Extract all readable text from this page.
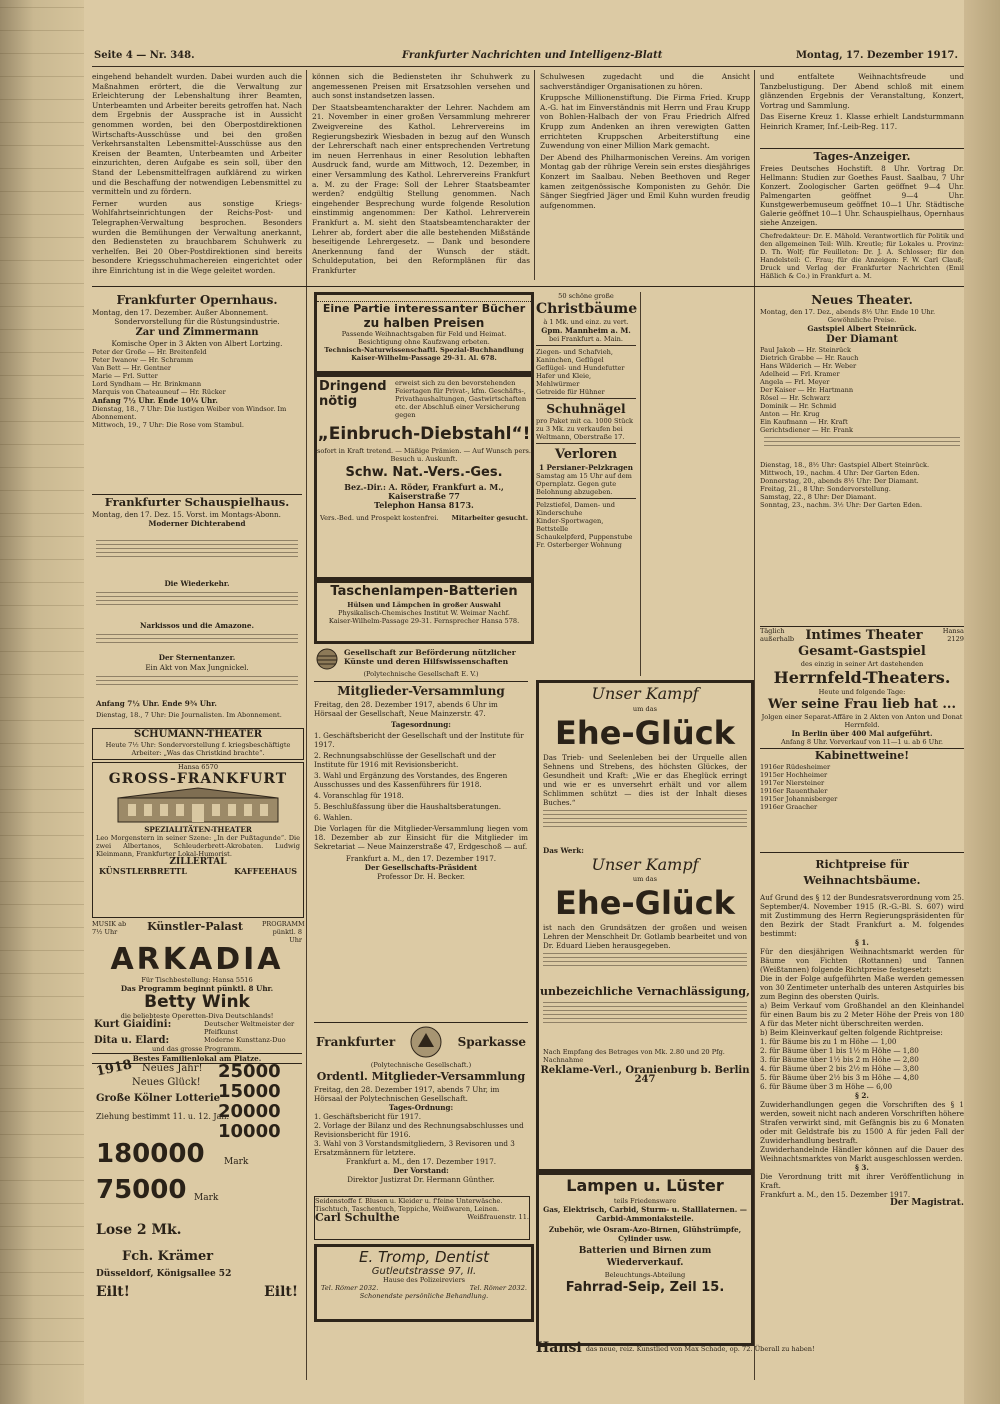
Seite 4 — Nr. 348.	Frankfurter Nachrichten und Intelligenz-Blatt	Montag, 17. Dezember 1917.

eingehend behandelt wurden. Dabei wurden auch die Maßnahmen erörtert, die die Verwaltung zur Erleichterung der Lebenshaltung ihrer Beamten, Unterbeamten und Arbeiter bereits getroffen hat. Nach dem Ergebnis der Aussprache ist in Aussicht genommen worden, bei den Oberpostdirektionen Wirtschafts-Ausschüsse und bei den großen Verkehrsanstalten Lebensmittel-Ausschüsse aus den Kreisen der Beamten, Unterbeamten und Arbeiter einzurichten, deren Aufgabe es sein soll, über den Stand der Lebensmittelfragen aufklärend zu wirken und die Beschaffung der notwendigen Lebensmittel zu vermitteln und zu fördern.

Ferner wurden aus sonstige Kriegs-Wohlfahrtseinrichtungen der Reichs-Post- und Telegraphen-Verwaltung besprochen. Besonders wurden die Bemühungen der Verwaltung anerkannt, den Bediensteten zu brauchbarem Schuhwerk zu verhelfen. Bei 20 Ober-Postdirektionen sind bereits besondere Kriegsschuhmachereien eingerichtet oder ihre Einrichtung ist in die Wege geleitet worden.

können sich die Bediensteten ihr Schuhwerk zu angemessenen Preisen mit Ersatzsohlen versehen und auch sonst instandsetzen lassen.

Der Staatsbeamtencharakter der Lehrer. Nachdem am 21. November in einer großen Versammlung mehrerer Zweigvereine des Kathol. Lehrervereins im Regierungsbezirk Wiesbaden in bezug auf den Wunsch der Lehrerschaft nach einer entsprechenden Vertretung im neuen Herrenhaus in einer Resolution lebhaften Ausdruck fand, wurde am Mittwoch, 12. Dezember, in einer Versammlung des Kathol. Lehrervereins Frankfurt a. M. zu der Frage: Soll der Lehrer Staatsbeamter werden? endgültig Stellung genommen. Nach eingehender Besprechung wurde folgende Resolution einstimmig angenommen: Der Kathol. Lehrerverein Frankfurt a. M. sieht den Staatsbeamtencharakter der Lehrer ab, fordert aber die alle bestehenden Mißstände beseitigende Lehrergesetz. — Dank und besondere Anerkennung fand der Wunsch der städt. Schuldeputation, bei den Reformplänen für das Frankfurter

Schulwesen zugedacht und die Ansicht sachverständiger Organisationen zu hören.

Kruppsche Millionenstiftung. Die Firma Fried. Krupp A.-G. hat im Einverständnis mit Herrn und Frau Krupp von Bohlen-Halbach der von Frau Friedrich Alfred Krupp zum Andenken an ihren verewigten Gatten errichteten Kruppschen Arbeiterstiftung eine Zuwendung von einer Million Mark gemacht.

Der Abend des Philharmonischen Vereins. Am vorigen Montag gab der rührige Verein sein erstes diesjähriges Konzert im Saalbau. Neben Beethoven und Reger kamen zeitgenössische Komponisten zu Gehör. Die Sänger Siegfried Jäger und Emil Kuhn wurden freudig aufgenommen.

und entfaltete Weihnachtsfreude und Tanzbelustigung. Der Abend schloß mit einem glänzenden Ergebnis der Veranstaltung, Konzert, Vortrag und Sammlung.

Das Eiserne Kreuz 1. Klasse erhielt Landsturmmann Heinrich Kramer, Inf.-Leib-Reg. 117.

Tages-Anzeiger.
Freies Deutsches Hochstift. 8 Uhr. Vortrag Dr. Hellmann: Studien zur Goethes Faust. Saalbau, 7 Uhr Konzert. Zoologischer Garten geöffnet 9—4 Uhr. Palmengarten geöffnet 9—4 Uhr. Kunstgewerbemuseum geöffnet 10—1 Uhr. Städtische Galerie geöffnet 10—1 Uhr. Schauspielhaus, Opernhaus siehe Anzeigen.
Chefredakteur: Dr. E. Mähold. Verantwortlich für Politik und den allgemeinen Teil: Wilh. Kreutle; für Lokales u. Provinz: D. Th. Wolf; für Feuilleton: Dr. J. A. Schlosser; für den Handelsteil: C. Frau; für die Anzeigen: F. W. Carl Clauß; Druck und Verlag der Frankfurter Nachrichten (Emil Häßlich & Co.) in Frankfurt a. M.
Frankfurter Opernhaus.
Montag, den 17. Dezember. Außer Abonnement.
Sondervorstellung für die Rüstungsindustrie.
Zar und Zimmermann
Komische Oper in 3 Akten von Albert Lortzing.
Peter der Große — Hr. Breitenfeld
Peter Iwanow — Hr. Schramm
Van Bett — Hr. Gentner
Marie — Frl. Sutter
Lord Syndham — Hr. Brinkmann
Marquis von Chateauneuf — Hr. Rücker
Anfang 7½ Uhr. Ende 10¼ Uhr.
Dienstag, 18., 7 Uhr: Die lustigen Weiber von Windsor. Im Abonnement.
Mittwoch, 19., 7 Uhr: Die Rose vom Stambul.
Frankfurter Schauspielhaus.
Montag, den 17. Dez. 15. Vorst. im Montags-Abonn.
Moderner Dichterabend
Die Wiederkehr.
Narkissos und die Amazone.
Der Sternentanzer.
Ein Akt von Max Jungnickel.
Anfang 7½ Uhr. Ende 9¾ Uhr.
Dienstag, 18., 7 Uhr: Die Journalisten. Im Abonnement.
SCHUMANN-THEATER
Heute 7½ Uhr: Sondervorstellung f. kriegsbeschäftigte Arbeiter: „Was das Christkind brachte“.
Hansa 6570
GROSS-FRANKFURT
SPEZIALITÄTEN-THEATER
Leo Morgenstern in seiner Szene: „In der Pußtagunde“. Die zwei Albertanos, Schleuderbrett-Akrobaten. Ludwig Kleinmann, Frankfurter Lokal-Humorist.
ZILLERTAL
KÜNSTLERBRETTL	KAFFEEHAUS
MUSIK ab 7½ Uhr	Künstler-Palast	PROGRAMM pünktl. 8 Uhr
ARKADIA
Für Tischbestellung: Hansa 5516
Das Programm beginnt pünktl. 8 Uhr.
Betty Wink
die beliebteste Operetten-Diva Deutschlands!
Kurt Giaidini:	Deutscher Weltmeister der Pfeifkunst
Dita u. Elard:	Moderne Kunsttanz-Duo
und das grosse Programm.
Bestes Familienlokal am Platze.
1918 Neues Jahr!
Neues Glück!
Große Kölner Lotterie
Ziehung bestimmt 11. u. 12. Jan.
25000
15000
20000
10000
180000 Mark
75000 Mark
Lose 2 Mk.
Fch. Krämer
Düsseldorf, Königsallee 52
Eilt!	Eilt!
Eine Partie interessanter Bücher
zu halben Preisen
Passende Weihnachtsgaben für Feld und Heimat.
Besichtigung ohne Kaufzwang erbeten.
Technisch-Naturwissenschaftl. Spezial-Buchhandlung
Kaiser-Wilhelm-Passage 29-31. Al. 678.
Dringend nötig
erweist sich zu den bevorstehenden Feiertagen für Privat-, kfm. Geschäfts-, Privathaushaltungen, Gastwirtschaften etc. der Abschluß einer Versicherung gegen
„Einbruch-Diebstahl“!
sofort in Kraft tretend. — Mäßige Prämien. — Auf Wunsch pers. Besuch u. Auskunft.
Schw. Nat.-Vers.-Ges.
Bez.-Dir.: A. Röder, Frankfurt a. M., Kaiserstraße 77
Telephon Hansa 8173.
Vers.-Bed. und Prospekt kostenfrei. Mitarbeiter gesucht.
Taschenlampen-Batterien
Hülsen und Lämpchen in großer Auswahl
Physikalisch-Chemisches Institut W. Weimar Nachf.
Kaiser-Wilhelm-Passage 29-31. Fernsprecher Hansa 578.
Gesellschaft zur Beförderung nützlicher Künste und deren Hilfswissenschaften
(Polytechnische Gesellschaft E. V.)
Mitglieder-Versammlung
Freitag, den 28. Dezember 1917, abends 6 Uhr im Hörsaal der Gesellschaft, Neue Mainzerstr. 47.
Tagesordnung:
1. Geschäftsbericht der Gesellschaft und der Institute für 1917.
2. Rechnungsabschlüsse der Gesellschaft und der Institute für 1916 mit Revisionsbericht.
3. Wahl und Ergänzung des Vorstandes, des Engeren Ausschusses und des Kassenführers für 1918.
4. Voranschlag für 1918.
5. Beschlußfassung über die Haushaltsberatungen.
6. Wahlen.
Die Vorlagen für die Mitglieder-Versammlung liegen vom 18. Dezember ab zur Einsicht für die Mitglieder im Sekretariat — Neue Mainzerstraße 47, Erdgeschoß — auf.
Frankfurt a. M., den 17. Dezember 1917.
Der Gesellschafts-Präsident
Professor Dr. H. Becker.
Frankfurter	Sparkasse
(Polytechnische Gesellschaft.)
Ordentl. Mitglieder-Versammlung
Freitag, den 28. Dezember 1917, abends 7 Uhr, im Hörsaal der Polytechnischen Gesellschaft.
Tages-Ordnung:
1. Geschäftsbericht für 1917.
2. Vorlage der Bilanz und des Rechnungsabschlusses und Revisionsbericht für 1916.
3. Wahl von 3 Vorstandsmitgliedern, 3 Revisoren und 3 Ersatzmännern für letztere.
Frankfurt a. M., den 17. Dezember 1917.
Der Vorstand:
Direktor Justizrat Dr. Hermann Günther.
Seidenstoffe f. Blusen u. Kleider u. f'feine Unterwäsche. Tischtuch, Taschentuch, Teppiche, Weißwaren, Leinen.
Carl Schulthe	Weißfrauenstr. 11.
E. Tromp, Dentist
Gutleutstrasse 97, II.
Hause des Polizeireviers
Tel. Römer 2032.	Tel. Römer 2032.
Schonendste persönliche Behandlung.
50 schöne große
Christbäume
à 1 Mk. und einz. zu vert.
Gpm. Mannheim a. M.
bei Frankfurt a. Main.
Ziegen- und Schafvieh, Kaninchen, Geflügel
Geflügel- und Hundefutter
Hafer und Kleie, Mehlwürmer
Getreide für Hühner
Schuhnägel
pro Paket mit ca. 1000 Stück zu 3 Mk. zu verkaufen bei Weltmann, Oberstraße 17.
Verloren
1 Persianer-Pelzkragen
Samstag am 15 Uhr auf dem Opernplatz. Gegen gute Belohnung abzugeben.
Pelzstiefel, Damen- und Kinderschuhe
Kinder-Sportwagen, Bettstelle
Schaukelpferd, Puppenstube
Fr. Osterberger Wohnung
Unser Kampf
um das
Ehe-Glück
Das Trieb- und Seelenleben bei der Urquelle allen Sehnens und Strebens, des höchsten Glückes, der Gesundheit und Kraft: „Wie er das Eheglück erringt und wie er es unversehrt erhält und vor allem Schlimmen schützt — dies ist der Inhalt dieses Buches.“
Das Werk:
Unser Kampf
um das
Ehe-Glück
ist nach den Grundsätzen der großen und weisen Lehren der Menschheit Dr. Gotlamb bearbeitet und von Dr. Eduard Lieben herausgegeben.
unbezeichliche Vernachlässigung,
Nach Empfang des Betrages von Mk. 2.80 und 20 Pfg. Nachnahme
Reklame-Verl., Oranienburg b. Berlin 247
Lampen u. Lüster
teils Friedensware
Gas, Elektrisch, Carbid, Sturm- u. Stalllaternen. — Carbid-Ammoniaksteile.
Zubehör, wie Osram-Azo-Birnen, Glühstrümpfe, Cylinder usw.
Batterien und Birnen zum Wiederverkauf.
Beleuchtungs-Abteilung
Fahrrad-Seip, Zeil 15.
Hansi das neue, reiz. Kunstlied von Max Schade, op. 72. Überall zu haben!
Neues Theater.
Montag, den 17. Dez., abends 8½ Uhr. Ende 10 Uhr.
Gewöhnliche Preise.
Gastspiel Albert Steinrück.
Der Diamant
Paul Jakob — Hr. Steinrück
Dietrich Grabbe — Hr. Rauch
Hans Wilderich — Hr. Weber
Adelheid — Frl. Kramer
Angela — Frl. Meyer
Der Kaiser — Hr. Hartmann
Rösel — Hr. Schwarz
Dominik — Hr. Schmid
Anton — Hr. Krug
Ein Kaufmann — Hr. Kraft
Gerichtsdiener — Hr. Frank
Dienstag, 18., 8½ Uhr: Gastspiel Albert Steinrück.
Mittwoch, 19., nachm. 4 Uhr: Der Garten Eden.
Donnerstag, 20., abends 8½ Uhr: Der Diamant.
Freitag, 21., 8 Uhr: Sondervorstellung.
Samstag, 22., 8 Uhr: Der Diamant.
Sonntag, 23., nachm. 3½ Uhr: Der Garten Eden.
Täglich außerhalb Intimes Theater	Hansa 2129
Gesamt-Gastspiel
des einzig in seiner Art dastehenden
Herrnfeld-Theaters.
Heute und folgende Tage:
Wer seine Frau lieb hat ...
Jolgen einer Separat-Affäre in 2 Akten von Anton und Donat Herrnfeld.
In Berlin über 400 Mal aufgeführt.
Anfang 8 Uhr. Vorverkauf von 11—1 u. ab 6 Uhr.
Kabinettweine!
1916er Rüdesheimer
1915er Hochheimer
1917er Niersteiner
1916er Rauenthaler
1915er Johannisberger
1916er Graacher
Richtpreise für Weihnachtsbäume.
Auf Grund des § 12 der Bundesratsverordnung vom 25. September/4. November 1915 (R.-G.-Bl. S. 607) wird mit Zustimmung des Herrn Regierungspräsidenten für den Bezirk der Stadt Frankfurt a. M. folgendes bestimmt:
§ 1.
Für den diesjährigen Weihnachtsmarkt werden für Bäume von Fichten (Rottannen) und Tannen (Weißtannen) folgende Richtpreise festgesetzt:
Die in der Folge aufgeführten Maße werden gemessen von 30 Zentimeter unterhalb des unteren Astquirles bis zum Beginn des obersten Quirls.
a) Beim Verkauf vom Großhandel an den Kleinhandel für einen Baum bis zu 2 Meter Höhe der Preis von 180 A für das Meter nicht überschreiten werden.
b) Beim Kleinverkauf gelten folgende Richtpreise:
1. für Bäume bis zu 1 m Höhe — 1,00
2. für Bäume über 1 bis 1½ m Höhe — 1,80
3. für Bäume über 1½ bis 2 m Höhe — 2,80
4. für Bäume über 2 bis 2½ m Höhe — 3,80
5. für Bäume über 2½ bis 3 m Höhe — 4,80
6. für Bäume über 3 m Höhe — 6,00
§ 2.
Zuwiderhandlungen gegen die Vorschriften des § 1 werden, soweit nicht nach anderen Vorschriften höhere Strafen verwirkt sind, mit Gefängnis bis zu 6 Monaten oder mit Geldstrafe bis zu 1500 A für jeden Fall der Zuwiderhandlung bestraft.
Zuwiderhandelnde Händler können auf die Dauer des Weihnachtsmarktes von Markt ausgeschlossen werden.
§ 3.
Die Verordnung tritt mit ihrer Veröffentlichung in Kraft.
Frankfurt a. M., den 15. Dezember 1917.
Der Magistrat.
